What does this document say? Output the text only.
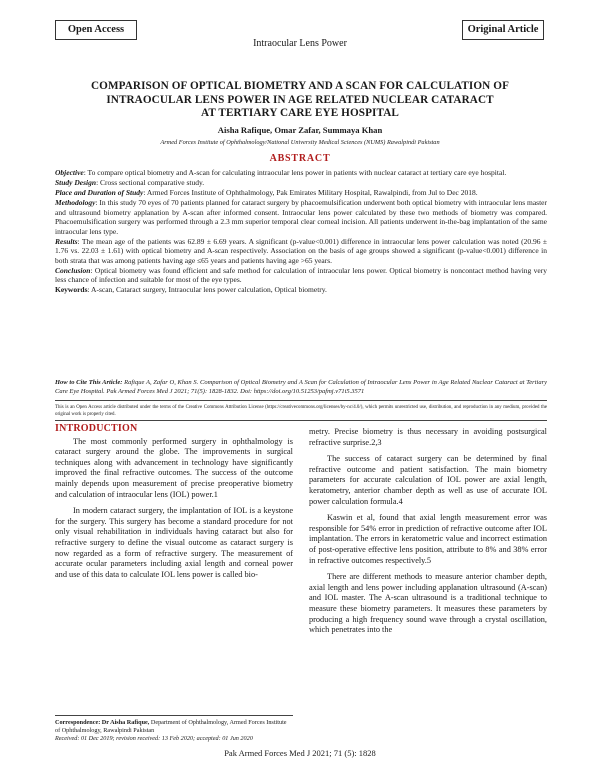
Open Access	Original Article
Intraocular Lens Power
COMPARISON OF OPTICAL BIOMETRY AND A SCAN FOR CALCULATION OF
INTRAOCULAR LENS POWER IN AGE RELATED NUCLEAR CATARACT
AT TERTIARY CARE EYE HOSPITAL
Aisha Rafique, Omar Zafar, Summaya Khan
Armed Forces Institute of Ophthalmology/National University Medical Sciences (NUMS) Rawalpindi Pakistan
ABSTRACT

Objective: To compare optical biometry and A-scan for calculating intraocular lens power in patients with nuclear cataract at tertiary care eye hospital.

Study Design: Cross sectional comparative study.

Place and Duration of Study: Armed Forces Institute of Ophthalmology, Pak Emirates Military Hospital, Rawalpindi, from Jul to Dec 2018.

Methodology: In this study 70 eyes of 70 patients planned for cataract surgery by phacoemulsification underwent both optical biometry with intraocular lens master and ultrasound biometry applanation by A-scan after informed consent. Intraocular lens power calculated by these two methods of biometry was compared. Phacoemulsification surgery was performed through a 2.3 mm superior temporal clear corneal incision. All patients underwent in-the-bag implantation of the same intraocular lens type.

Results: The mean age of the patients was 62.89 ± 6.69 years. A significant (p-value<0.001) difference in intraocular lens power calculation was noted (20.96 ± 1.76 vs. 22.03 ± 1.61) with optical biometry and A-scan respectively. Association on the basis of age groups showed a significant (p-value<0.001) difference in both strata that was among patients having age ≤65 years and patients having age >65 years.

Conclusion: Optical biometry was found efficient and safe method for calculation of intraocular lens power. Optical biometry is noncontact method having very less chance of infection and suitable for most of the eye types.

Keywords: A-scan, Cataract surgery, Intraocular lens power calculation, Optical biometry.

How to Cite This Article: Rafique A, Zafar O, Khan S. Comparison of Optical Biometry and A Scan for Calculation of Intraocular Lens Power in Age Related Nuclear Cataract at Tertiary Care Eye Hospital. Pak Armed Forces Med J 2021; 71(5): 1828-1832. Doi: https://doi.org/10.51253/pafmj.v71i5.3571
This is an Open Access article distributed under the terms of the Creative Commons Attribution License (https://creativecommons.org/licenses/by-nc/4.0/), which permits unrestricted use, distribution, and reproduction in any medium, provided the original work is properly cited.
INTRODUCTION

The most commonly performed surgery in ophthalmology is cataract surgery around the globe. The improvements in surgical techniques along with advancement in technology have significantly improved the final refractive outcomes. The success of the outcome mainly depends upon measurement of precise preoperative biometry and calculation of intraocular lens (IOL) power.1

In modern cataract surgery, the implantation of IOL is a keystone for the surgery. This surgery has become a standard procedure for not only visual rehabilitation in individuals having cataract but also for refractive surgery to define the visual outcome as cataract surgery is now regarded as a form of refractive surgery. The measurement of accurate ocular parameters including axial length and corneal power and use of this data to calculate IOL lens power is called bio-

metry. Precise biometry is thus necessary in avoiding postsurgical refractive surprise.2,3

The success of cataract surgery can be determined by final refractive outcome and patient satisfaction. The main biometry parameters for accurate calculation of IOL power are axial length, keratometry, anterior chamber depth as well as use of accurate IOL power calculation formula.4

Kaswin et al, found that axial length measurement error was responsible for 54% error in prediction of refractive outcome after IOL implantation. The errors in keratometric value and incorrect estimation of post-operative effective lens position, attribute to 8% and 38% error in refractive outcomes respectively.5

There are different methods to measure anterior chamber depth, axial length and lens power including applanation ultrasound (A-scan) and IOL master. The A-scan ultrasound is a traditional technique to measure these biometry parameters. It measures these parameters by producing a high frequency sound wave through a crystal oscillation, which penetrates into the

Correspondence: Dr Aisha Rafique, Department of Ophthalmology, Armed Forces Institute of Ophthalmology, Rawalpindi Pakistan
Received: 01 Dec 2019; revision received: 13 Feb 2020; accepted: 01 Jun 2020
Pak Armed Forces Med J 2021; 71 (5): 1828
